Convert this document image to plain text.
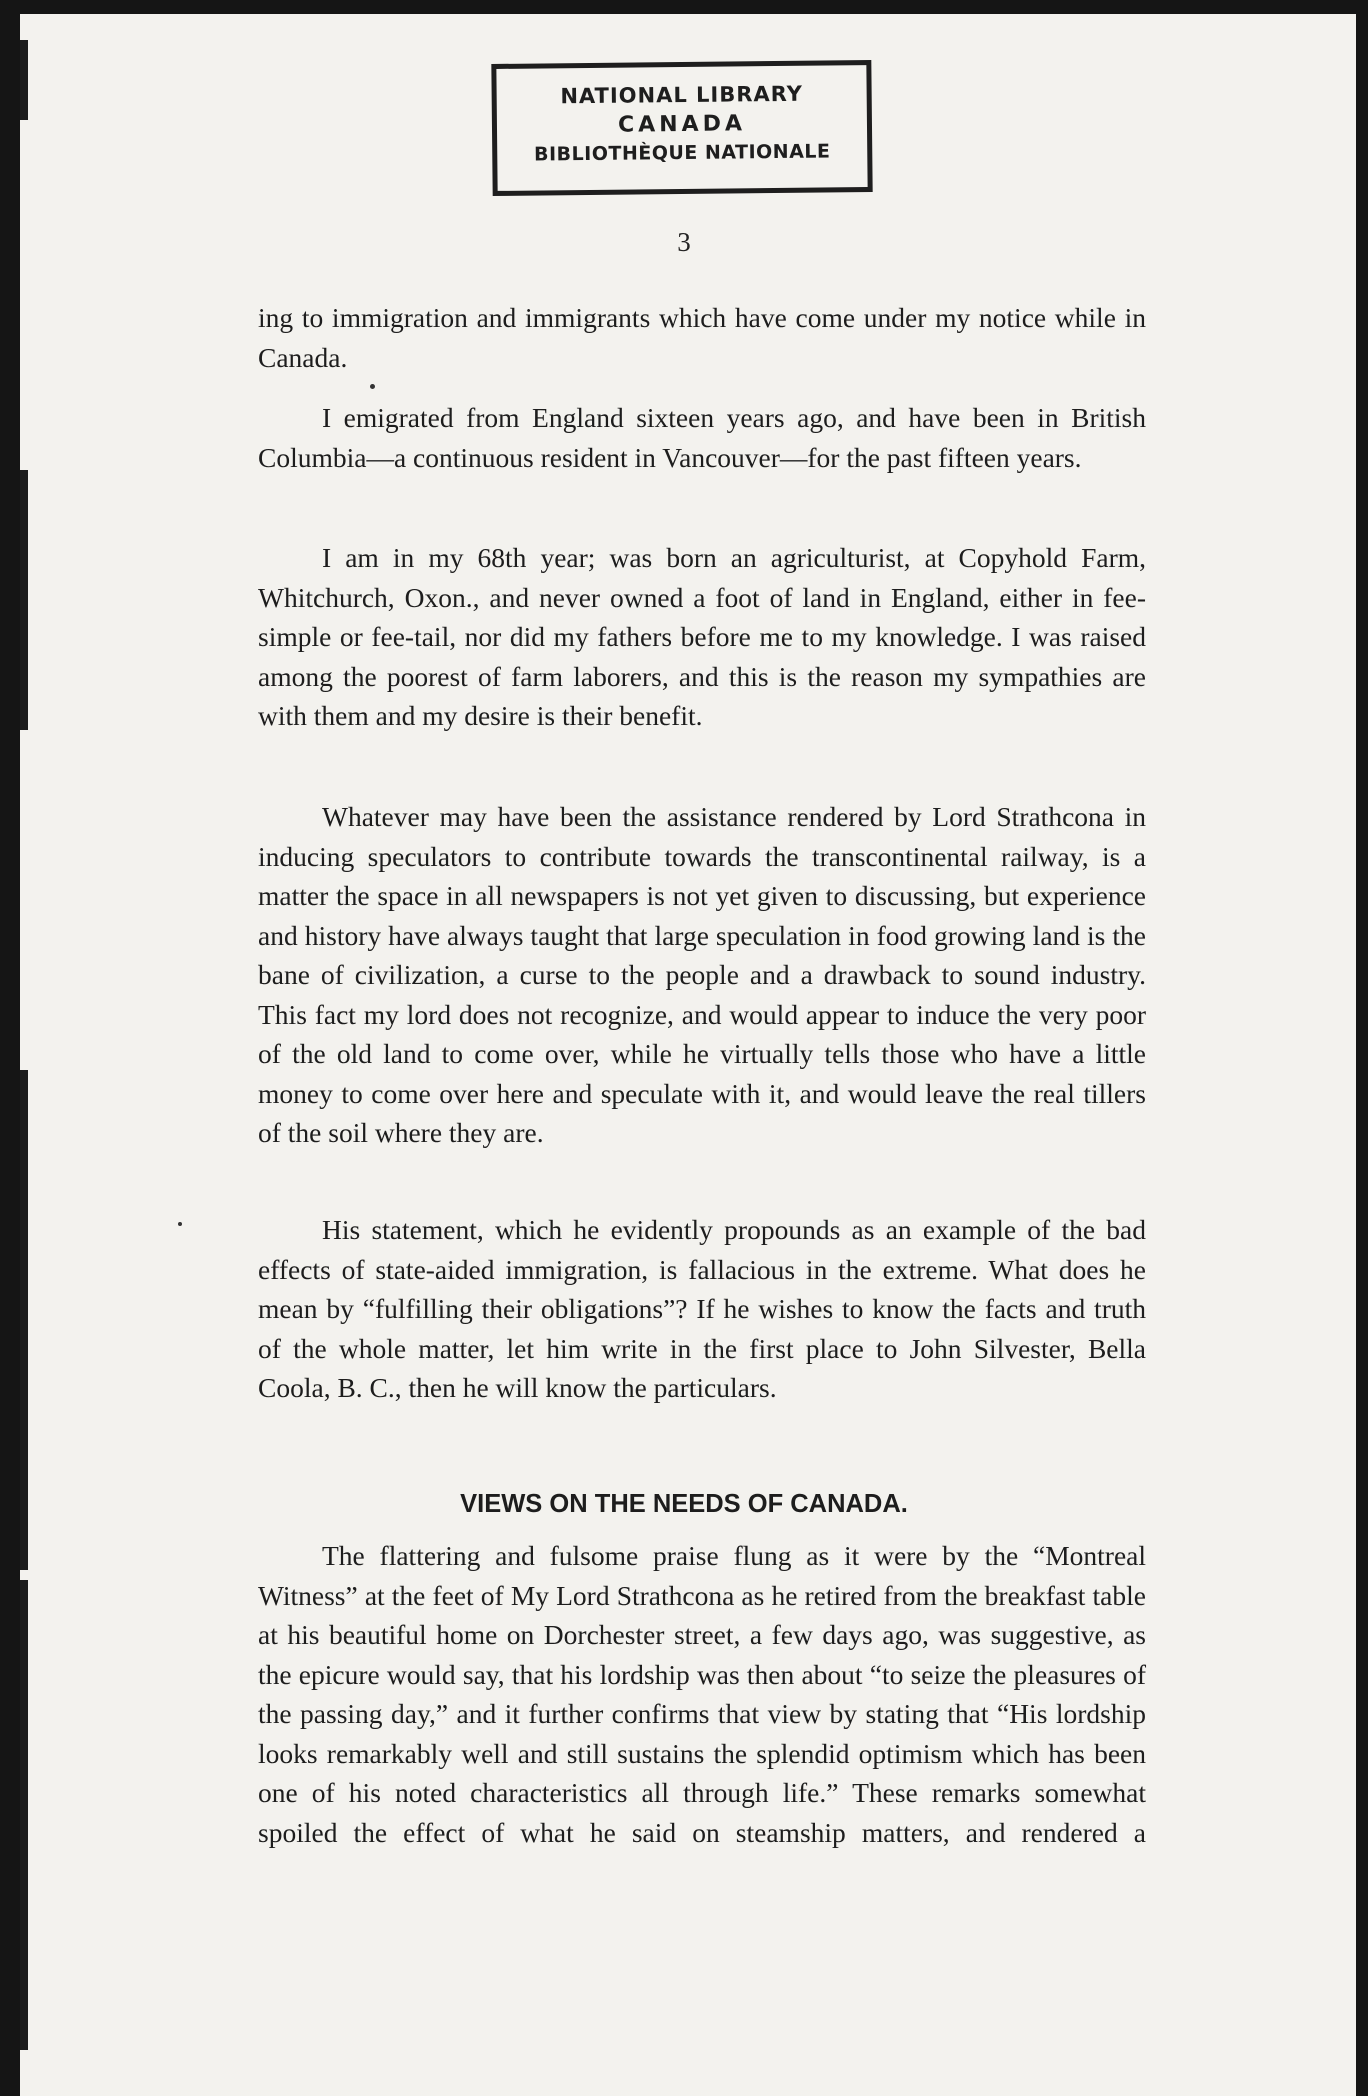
NATIONAL LIBRARY
CANADA
BIBLIOTHÈQUE NATIONALE
3

ing to immigration and immigrants which have come under my notice while in Canada.

I emigrated from England sixteen years ago, and have been in British Columbia—a continuous resident in Vancouver—for the past fifteen years.

I am in my 68th year; was born an agriculturist, at Copyhold Farm, Whitchurch, Oxon., and never owned a foot of land in England, either in fee-simple or fee-tail, nor did my fathers before me to my knowledge. I was raised among the poorest of farm laborers, and this is the reason my sympathies are with them and my desire is their benefit.

Whatever may have been the assistance rendered by Lord Strathcona in inducing speculators to contribute towards the transcontinental railway, is a matter the space in all newspapers is not yet given to discussing, but experience and history have always taught that large speculation in food growing land is the bane of civilization, a curse to the people and a drawback to sound industry. This fact my lord does not recognize, and would appear to induce the very poor of the old land to come over, while he virtually tells those who have a little money to come over here and speculate with it, and would leave the real tillers of the soil where they are.

His statement, which he evidently propounds as an example of the bad effects of state-aided immigration, is fallacious in the extreme. What does he mean by “fulfilling their obligations”? If he wishes to know the facts and truth of the whole matter, let him write in the first place to John Silvester, Bella Coola, B. C., then he will know the particulars.

VIEWS ON THE NEEDS OF CANADA.

The flattering and fulsome praise flung as it were by the “Montreal Witness” at the feet of My Lord Strathcona as he retired from the breakfast table at his beautiful home on Dorchester street, a few days ago, was suggestive, as the epicure would say, that his lordship was then about “to seize the pleasures of the passing day,” and it further confirms that view by stating that “His lordship looks remarkably well and still sustains the splendid optimism which has been one of his noted characteristics all through life.” These remarks somewhat spoiled the effect of what he said on steamship matters, and rendered a
